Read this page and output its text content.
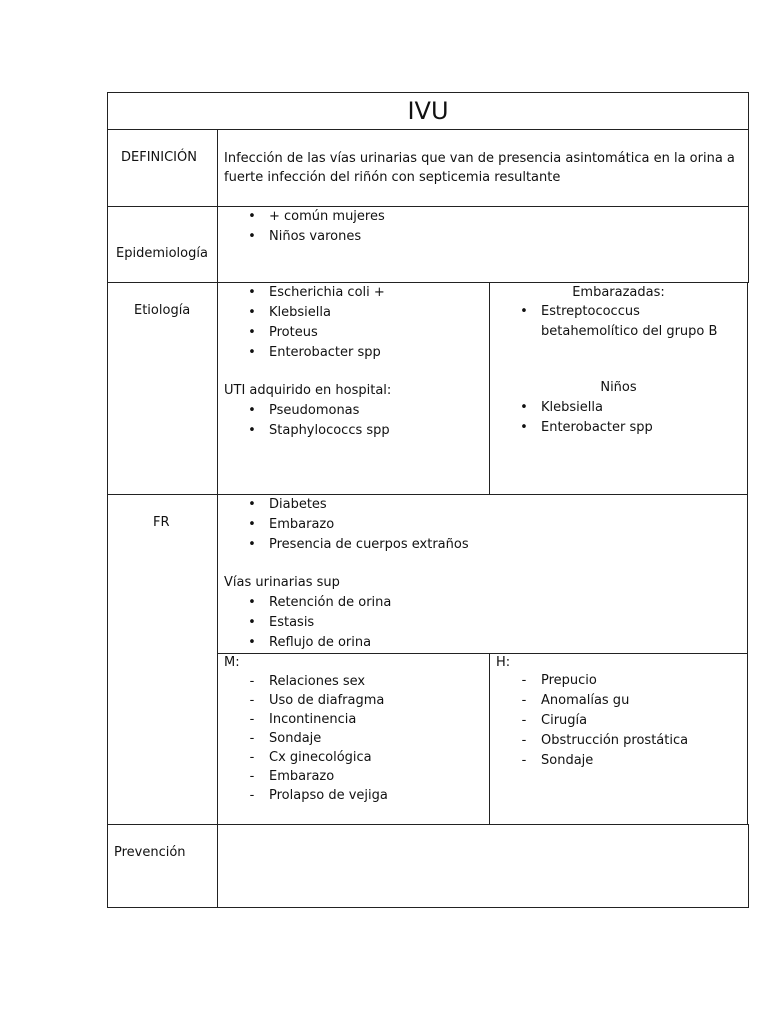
IVU
DEFINICIÓN Infección de las vías urinarias que van de presencia asintomática en la orina a
fuerte infección del riñón con septicemia resultante
Epidemiología
• + común mujeres
• Niños varones
Etiología
• Escherichia coli +
• Klebsiella
• Proteus
• Enterobacter spp
UTI adquirido en hospital:
• Pseudomonas
• Staphylococcs spp
Embarazadas:
• Estreptococcus
betahemolítico del grupo B
Niños
• Klebsiella
• Enterobacter spp
FR
• Diabetes
• Embarazo
• Presencia de cuerpos extraños
Vías urinarias sup
• Retención de orina
• Estasis
• Reflujo de orina
M:
- Relaciones sex
- Uso de diafragma
- Incontinencia
- Sondaje
- Cx ginecológica
- Embarazo
- Prolapso de vejiga
H:
- Prepucio
- Anomalías gu
- Cirugía
- Obstrucción prostática
- Sondaje
Prevención
